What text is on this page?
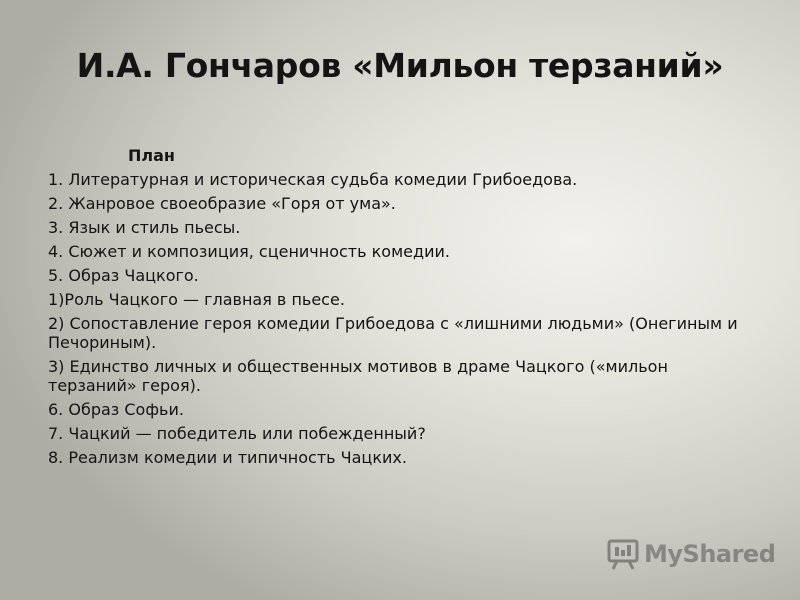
И.А. Гончаров «Мильон терзаний»
План
1. Литературная и историческая судьба комедии Грибоедова.
2. Жанровое своеобразие «Горя от ума».
3. Язык и стиль пьесы.
4. Сюжет и композиция, сценичность комедии.
5. Образ Чацкого.
1)Роль Чацкого — главная в пьесе.
2) Сопоставление героя комедии Грибоедова с «лишними людьми» (Онегиным и Печориным).
3) Единство личных и общественных мотивов в драме Чацкого («мильон терзаний» героя).
6. Образ Софьи.
7. Чацкий — победитель или побежденный?
8. Реализм комедии и типичность Чацких.
MyShared
